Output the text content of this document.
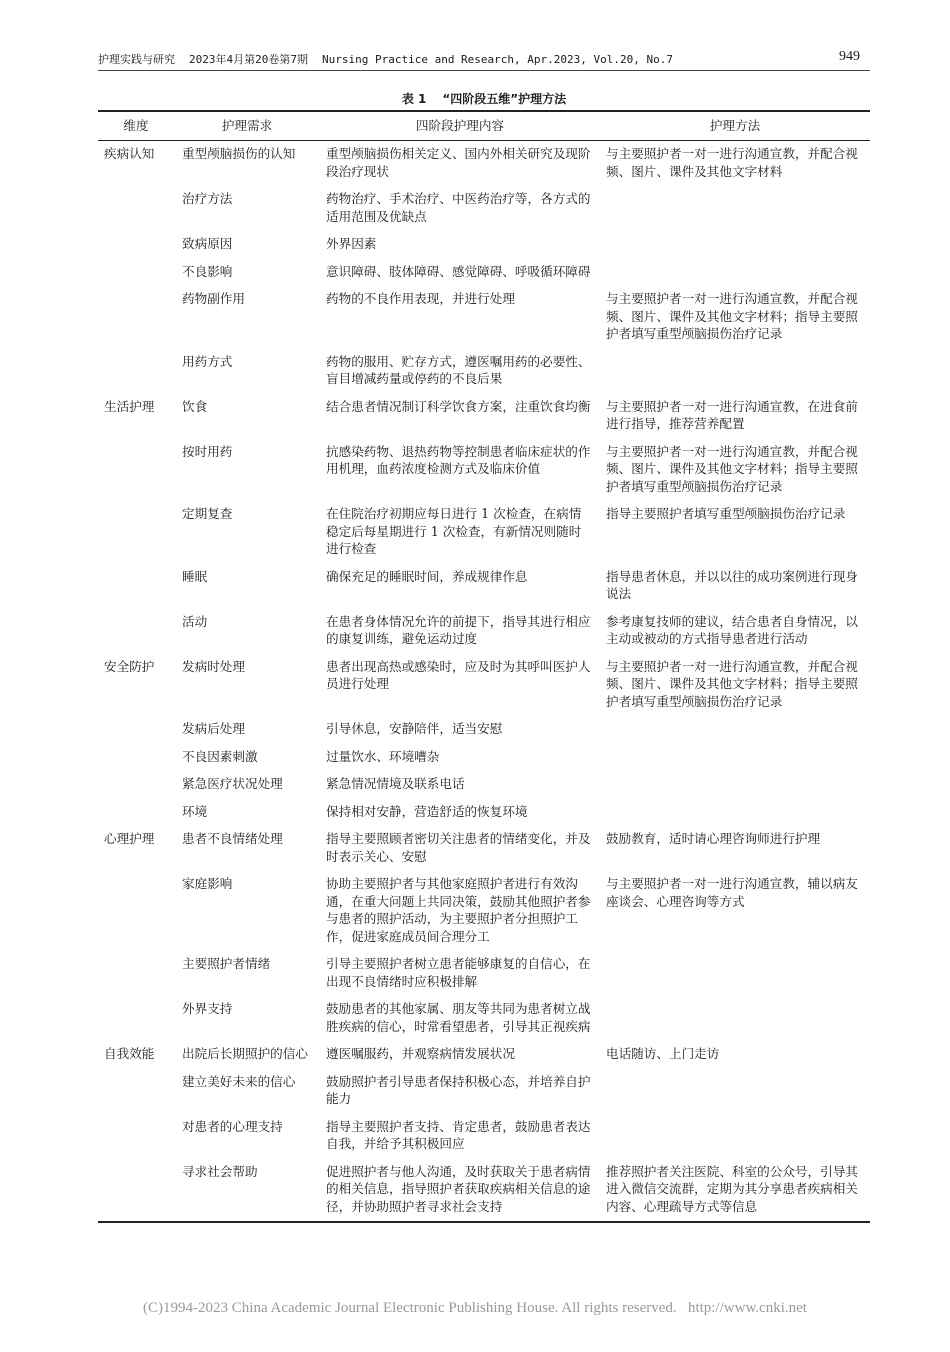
护理实践与研究 2023年4月第20卷第7期 Nursing Practice and Research, Apr.2023, Vol.20, No.7	949
表 1 “四阶段五维”护理方法
维度	护理需求	四阶段护理内容	护理方法
疾病认知	重型颅脑损伤的认知	重型颅脑损伤相关定义、国内外相关研究及现阶段治疗现状	与主要照护者一对一进行沟通宣教，并配合视频、图片、课件及其他文字材料
	治疗方法	药物治疗、手术治疗、中医药治疗等，各方式的适用范围及优缺点	
	致病原因	外界因素	
	不良影响	意识障碍、肢体障碍、感觉障碍、呼吸循环障碍	
	药物副作用	药物的不良作用表现，并进行处理	与主要照护者一对一进行沟通宣教，并配合视频、图片、课件及其他文字材料；指导主要照护者填写重型颅脑损伤治疗记录
	用药方式	药物的服用、贮存方式，遵医嘱用药的必要性、盲目增减药量或停药的不良后果	
生活护理	饮食	结合患者情况制订科学饮食方案，注重饮食均衡	与主要照护者一对一进行沟通宣教，在进食前进行指导，推荐营养配置
	按时用药	抗感染药物、退热药物等控制患者临床症状的作用机理，血药浓度检测方式及临床价值	与主要照护者一对一进行沟通宣教，并配合视频、图片、课件及其他文字材料；指导主要照护者填写重型颅脑损伤治疗记录
	定期复查	在住院治疗初期应每日进行 1 次检查，在病情稳定后每星期进行 1 次检查，有新情况则随时进行检查	指导主要照护者填写重型颅脑损伤治疗记录
	睡眠	确保充足的睡眠时间，养成规律作息	指导患者休息，并以以往的成功案例进行现身说法
	活动	在患者身体情况允许的前提下，指导其进行相应的康复训练，避免运动过度	参考康复技师的建议，结合患者自身情况，以主动或被动的方式指导患者进行活动
安全防护	发病时处理	患者出现高热或感染时，应及时为其呼叫医护人员进行处理	与主要照护者一对一进行沟通宣教，并配合视频、图片、课件及其他文字材料；指导主要照护者填写重型颅脑损伤治疗记录
	发病后处理	引导休息，安静陪伴，适当安慰	
	不良因素刺激	过量饮水、环境嘈杂	
	紧急医疗状况处理	紧急情况情境及联系电话	
	环境	保持相对安静，营造舒适的恢复环境	
心理护理	患者不良情绪处理	指导主要照顾者密切关注患者的情绪变化，并及时表示关心、安慰	鼓励教育，适时请心理咨询师进行护理
	家庭影响	协助主要照护者与其他家庭照护者进行有效沟通，在重大问题上共同决策，鼓励其他照护者参与患者的照护活动，为主要照护者分担照护工作，促进家庭成员间合理分工	与主要照护者一对一进行沟通宣教，辅以病友座谈会、心理咨询等方式
	主要照护者情绪	引导主要照护者树立患者能够康复的自信心，在出现不良情绪时应积极排解	
	外界支持	鼓励患者的其他家属、朋友等共同为患者树立战胜疾病的信心，时常看望患者，引导其正视疾病	
自我效能	出院后长期照护的信心	遵医嘱服药，并观察病情发展状况	电话随访、上门走访
	建立美好未来的信心	鼓励照护者引导患者保持积极心态，并培养自护能力	
	对患者的心理支持	指导主要照护者支持、肯定患者，鼓励患者表达自我，并给予其积极回应	
	寻求社会帮助	促进照护者与他人沟通，及时获取关于患者病情的相关信息，指导照护者获取疾病相关信息的途径，并协助照护者寻求社会支持	推荐照护者关注医院、科室的公众号，引导其进入微信交流群，定期为其分享患者疾病相关内容、心理疏导方式等信息
(C)1994-2023 China Academic Journal Electronic Publishing House. All rights reserved. http://www.cnki.net
